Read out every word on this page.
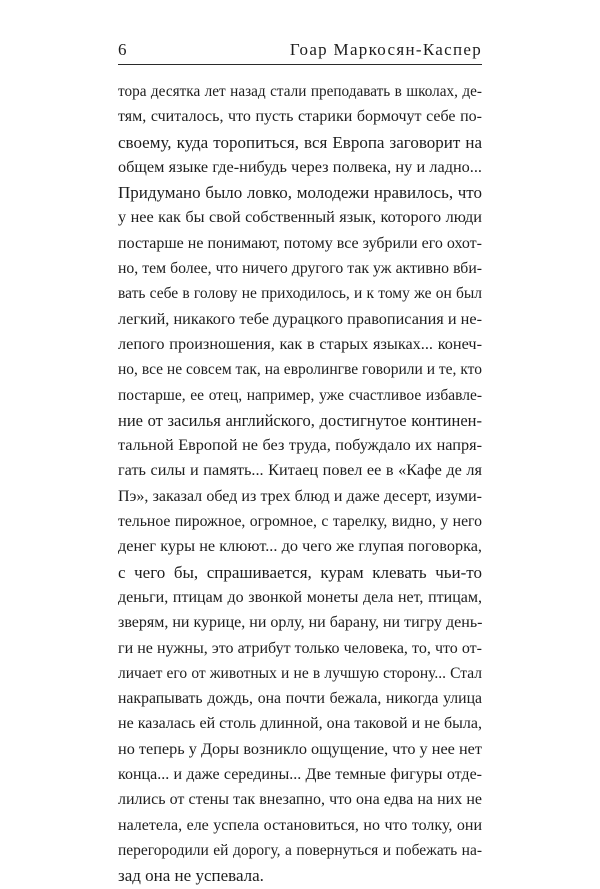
6	Гоар Маркосян-Каспер
тора десятка лет назад стали преподавать в школах, де-
тям, считалось, что пусть старики бормочут себе по-
своему, куда торопиться, вся Европа заговорит на
общем языке где-нибудь через полвека, ну и ладно...
Придумано было ловко, молодежи нравилось, что
у нее как бы свой собственный язык, которого люди
постарше не понимают, потому все зубрили его охот-
но, тем более, что ничего другого так уж активно вби-
вать себе в голову не приходилось, и к тому же он был
легкий, никакого тебе дурацкого правописания и не-
лепого произношения, как в старых языках... конеч-
но, все не совсем так, на евролингве говорили и те, кто
постарше, ее отец, например, уже счастливое избавле-
ние от засилья английского, достигнутое континен-
тальной Европой не без труда, побуждало их напря-
гать силы и память... Китаец повел ее в «Кафе де ля
Пэ», заказал обед из трех блюд и даже десерт, изуми-
тельное пирожное, огромное, с тарелку, видно, у него
денег куры не клюют... до чего же глупая поговорка,
с чего бы, спрашивается, курам клевать чьи-то
деньги, птицам до звонкой монеты дела нет, птицам,
зверям, ни курице, ни орлу, ни барану, ни тигру день-
ги не нужны, это атрибут только человека, то, что от-
личает его от животных и не в лучшую сторону... Стал
накрапывать дождь, она почти бежала, никогда улица
не казалась ей столь длинной, она таковой и не была,
но теперь у Доры возникло ощущение, что у нее нет
конца... и даже середины... Две темные фигуры отде-
лились от стены так внезапно, что она едва на них не
налетела, еле успела остановиться, но что толку, они
перегородили ей дорогу, а повернуться и побежать на-
зад она не успевала.
